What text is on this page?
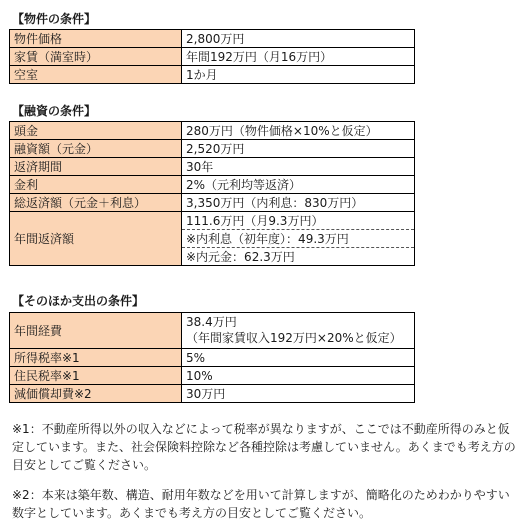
【物件の条件】
物件価格	2,800万円
家賃（満室時）	年間192万円（月16万円）
空室	1か月
【融資の条件】
頭金	280万円（物件価格×10%と仮定）
融資額（元金）	2,520万円
返済期間	30年
金利	2%（元利均等返済）
総返済額（元金＋利息）	3,350万円（内利息：830万円）
年間返済額	111.6万円（月9.3万円）
	※内利息（初年度）：49.3万円
	※内元金：62.3万円
【そのほか支出の条件】
年間経費	38.4万円
（年間家賃収入192万円×20%と仮定）

所得税率※1	5%
住民税率※1	10%
減価償却費※2	30万円

※1：不動産所得以外の収入などによって税率が異なりますが、ここでは不動産所得のみと仮定しています。また、社会保険料控除など各種控除は考慮していません。あくまでも考え方の目安としてご覧ください。

※2：本来は築年数、構造、耐用年数などを用いて計算しますが、簡略化のためわかりやすい数字としています。あくまでも考え方の目安としてご覧ください。
